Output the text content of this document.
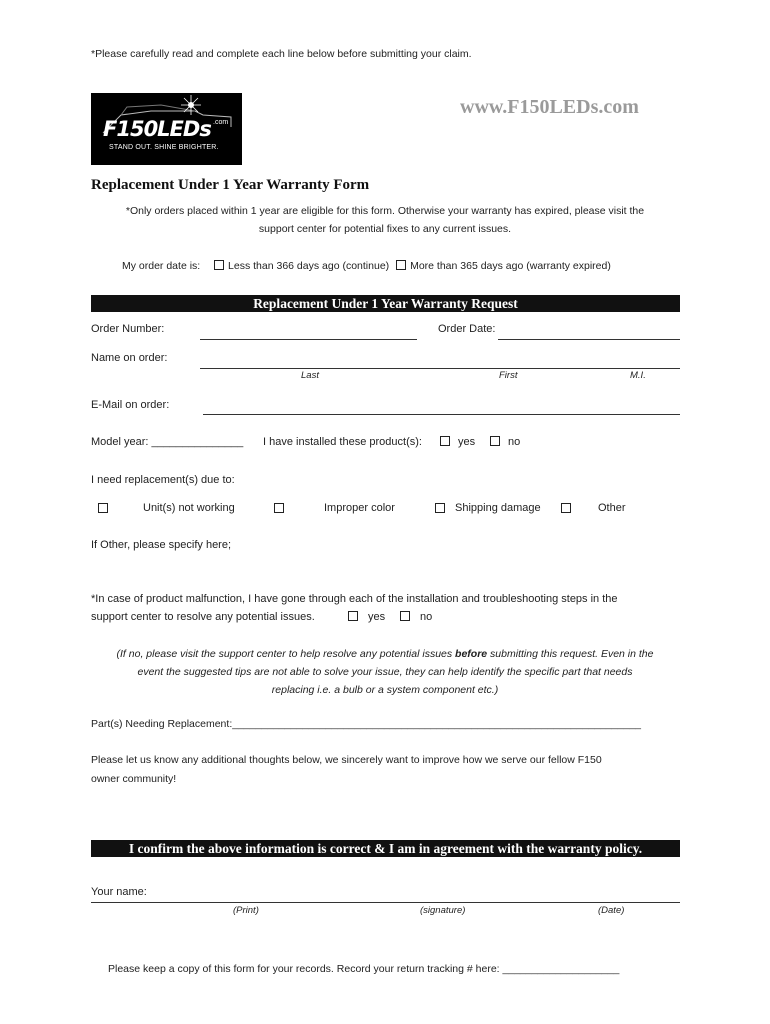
*Please carefully read and complete each line below before submitting your claim.
F150LEDs .com
STAND OUT. SHINE BRIGHTER.
www.F150LEDs.com
Replacement Under 1 Year Warranty Form
*Only orders placed within 1 year are eligible for this form. Otherwise your warranty has expired, please visit the
support center for potential fixes to any current issues.
My order date is:	Less than 366 days ago (continue) More than 365 days ago (warranty expired)
Replacement Under 1 Year Warranty Request
Order Number:	Order Date:
Name on order:
Last	First	M.I.
E-Mail on order:
Model year: _______________ I have installed these product(s):	yes	no
I need replacement(s) due to:
Unit(s) not working	Improper color	Shipping damage	Other
If Other, please specify here;
*In case of product malfunction, I have gone through each of the installation and troubleshooting steps in the
support center to resolve any potential issues.	yes	no
(If no, please visit the support center to help resolve any potential issues before submitting this request. Even in the
event the suggested tips are not able to solve your issue, they can help identify the specific part that needs
replacing i.e. a bulb or a system component etc.)
Part(s) Needing Replacement:______________________________________________________________________
Please let us know any additional thoughts below, we sincerely want to improve how we serve our fellow F150
owner community!
I confirm the above information is correct & I am in agreement with the warranty policy.
Your name:
(Print)	(signature)	(Date)
Please keep a copy of this form for your records. Record your return tracking # here: ____________________
